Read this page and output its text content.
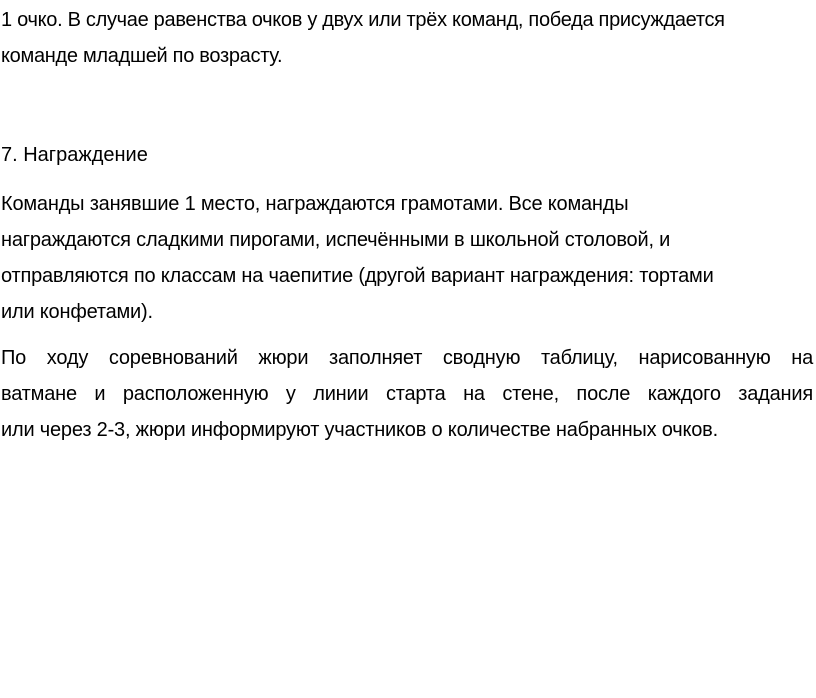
1 очко. В случае равенства очков у двух или трёх команд, победа присуждается
команде младшей по возрасту.

7. Награждение

Команды занявшие 1 место, награждаются грамотами. Все команды
награждаются сладкими пирогами, испечёнными в школьной столовой, и
отправляются по классам на чаепитие (другой вариант награждения: тортами
или конфетами).

По ходу соревнований жюри заполняет сводную таблицу, нарисованную на
ватмане и расположенную у линии старта на стене, после каждого задания
или через 2-3, жюри информируют участников о количестве набранных очков.
